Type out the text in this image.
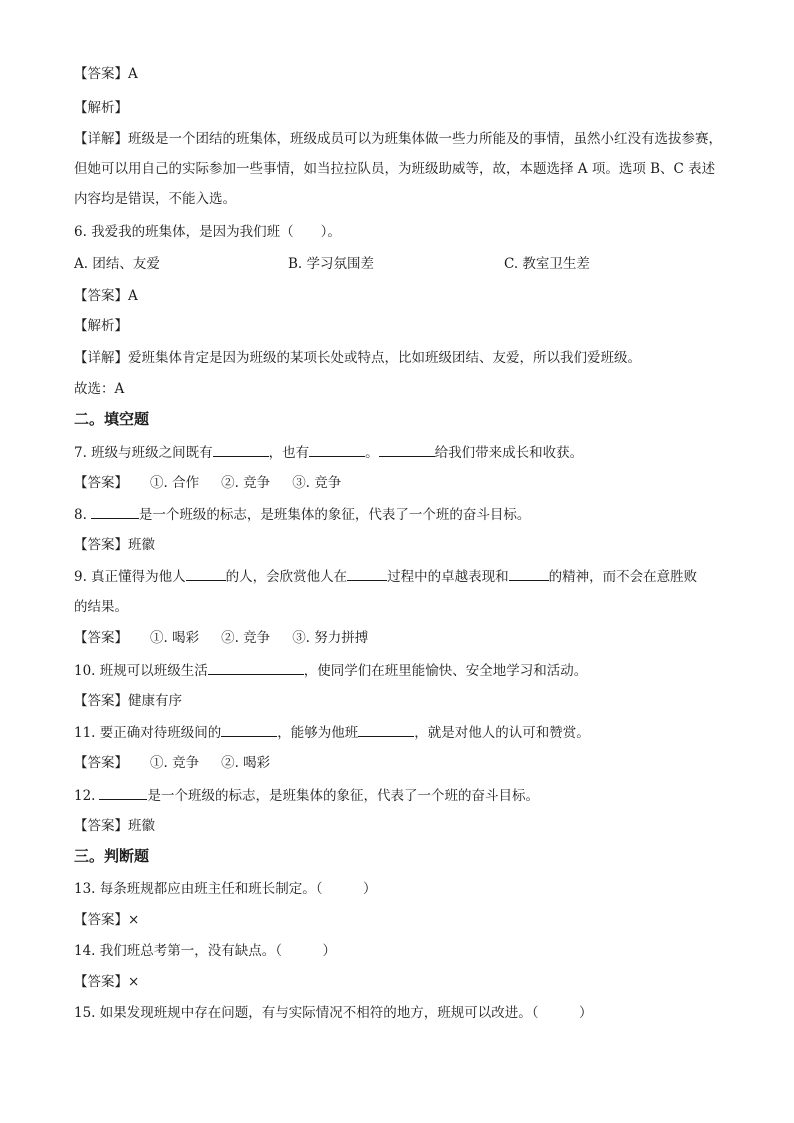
【答案】A
【解析】
【详解】班级是一个团结的班集体，班级成员可以为班集体做一些力所能及的事情，虽然小红没有选拔参赛，但她可以用自己的实际参加一些事情，如当拉拉队员，为班级助威等，故，本题选择 A 项。选项 B、C 表述内容均是错误，不能入选。
6. 我爱我的班集体，是因为我们班（　　）。
A. 团结、友爱	B. 学习氛围差	C. 教室卫生差
【答案】A
【解析】
【详解】爱班集体肯定是因为班级的某项长处或特点，比如班级团结、友爱，所以我们爱班级。
故选：A
二。填空题
7. 班级与班级之间既有	，也有	。	给我们带来成长和收获。
【答案】 ①. 合作 ②. 竞争 ③. 竞争
8.	是一个班级的标志，是班集体的象征，代表了一个班的奋斗目标。
【答案】班徽
9. 真正懂得为他人	的人，会欣赏他人在	过程中的卓越表现和	的精神，而不会在意胜败
的结果。
【答案】 ①. 喝彩 ②. 竞争 ③. 努力拼搏
10. 班规可以班级生活	，使同学们在班里能愉快、安全地学习和活动。
【答案】健康有序
11. 要正确对待班级间的	，能够为他班	，就是对他人的认可和赞赏。
【答案】 ①. 竞争 ②. 喝彩
12.	是一个班级的标志，是班集体的象征，代表了一个班的奋斗目标。
【答案】班徽
三。判断题
13. 每条班规都应由班主任和班长制定。（　　　）
【答案】×
14. 我们班总考第一，没有缺点。（　　　）
【答案】×
15. 如果发现班规中存在问题，有与实际情况不相符的地方，班规可以改进。（　　　）
